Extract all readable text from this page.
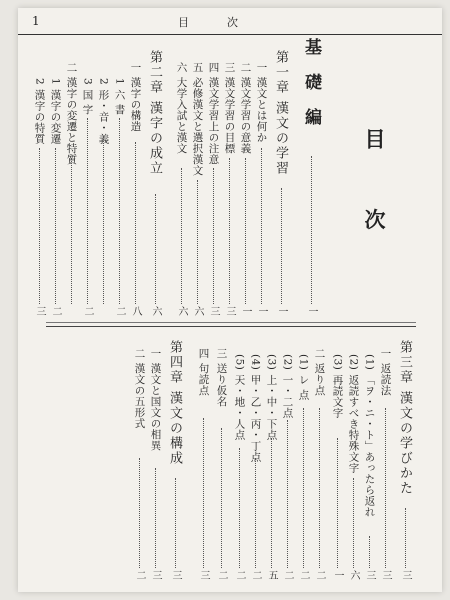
1	目次
目 次
基 礎 編
第一章 漢文の学習
一 漢文とは何か
二 漢文学習の意義
三 漢文学習の目標
四 漢文学習上の注意
五 必修漢文と選択漢文
六 大学入試と漢文
第二章 漢字の成立
一 漢字の構造
1 六 書
2 形・音・義
3 国 字
二 漢字の変遷と特質
1 漢字の変遷
2 漢字の特質
一
一
一
一
三
三
六
六
六
八
二
二
二
三
第三章 漢文の学びかた
一 返読法
(1) 「ヲ・ニ・ト」あったら返れ
(2) 返読すべき特殊文字
(3) 再読文字
二 返り点
(1) レ 点
(2) 一・二点
(3) 上・中・下点
(4) 甲・乙・丙・丁点
(5) 天・地・人点
三 送り仮名
四 句読点
第四章 漢文の構成
一 漢文と国文の相異
二 漢文の五形式
三
三
三
六
一
二
二
二
五
二
二
二
三
三
三
二
